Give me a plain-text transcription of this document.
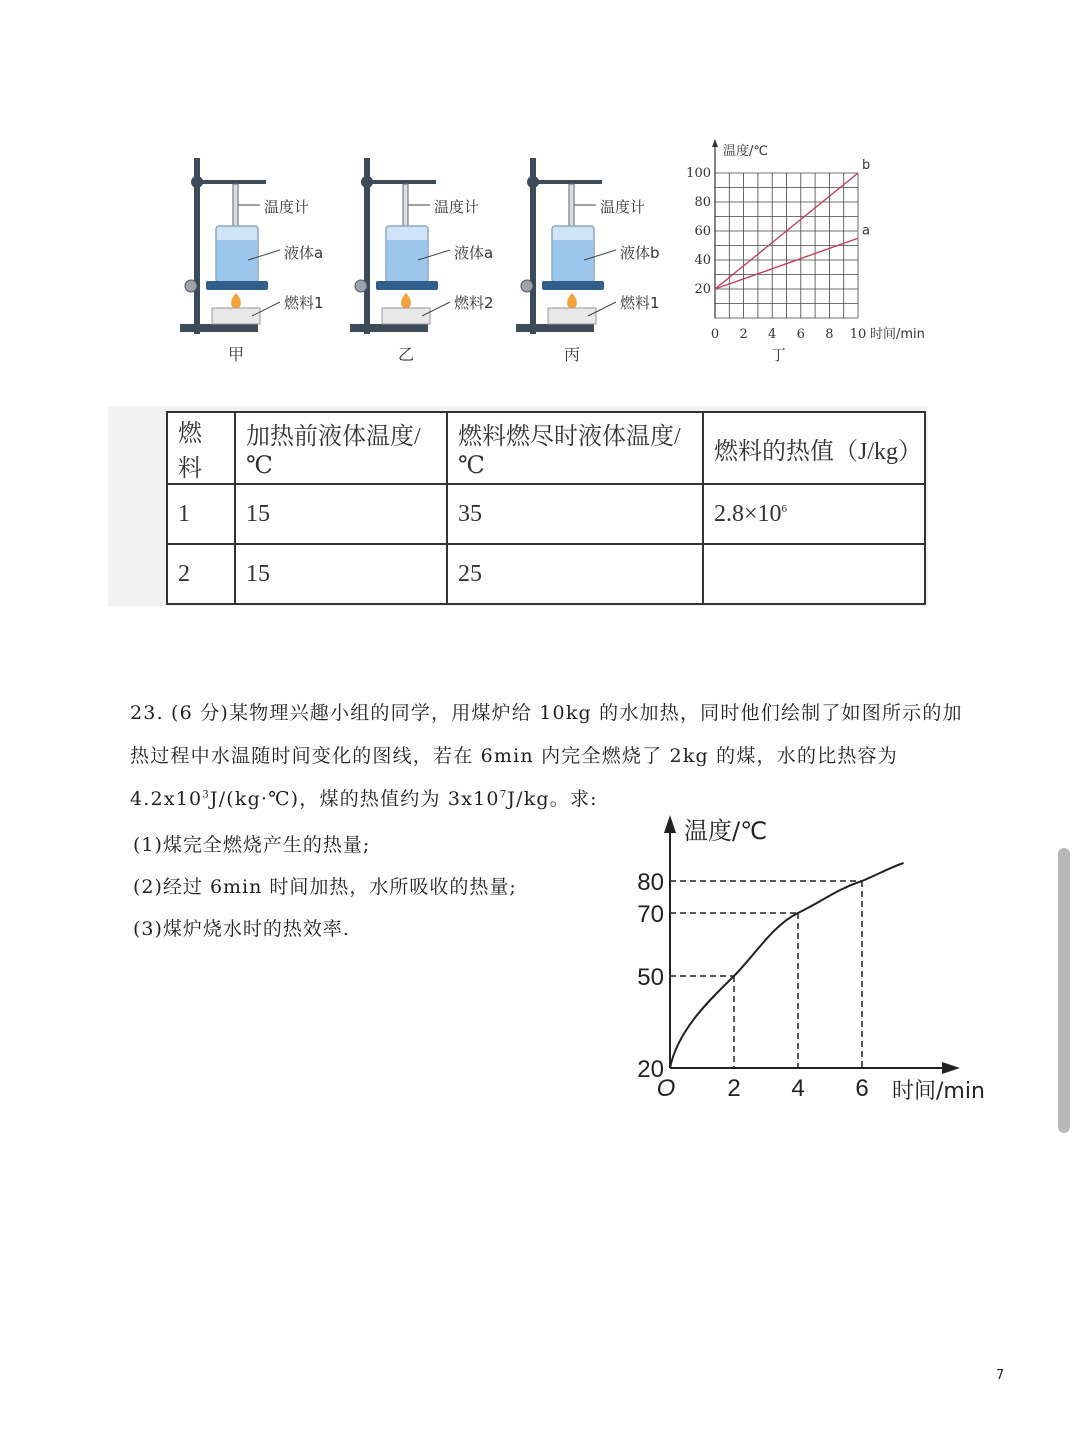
温度计
液体a
燃料1
甲
温度计
液体a
燃料2
乙
温度计
液体b
燃料1
丙
a
b
0 2 4 6 8 10
20
40
60
80
100
温度/℃
时间/min
丁
燃料	加热前液体温度/℃	燃料燃尽时液体温度/℃	燃料的热值（J/kg）
1	15	35	$2.8\times 10^6$
2	15	25	
23. (6 分)某物理兴趣小组的同学，用煤炉给 10kg 的水加热，同时他们绘制了如图所示的加
热过程中水温随时间变化的图线，若在 6min 内完全燃烧了 2kg 的煤，水的比热容为
$4.2x10^3J/(kg\cdot℃)$，煤的热值约为 $3x10^7J/kg$。求:
(1)煤完全燃烧产生的热量;
(2)经过 6min 时间加热，水所吸收的热量;
(3)煤炉烧水时的热效率.
20
50
70
80
2 4 6
O
温度/℃
时间/min
7
